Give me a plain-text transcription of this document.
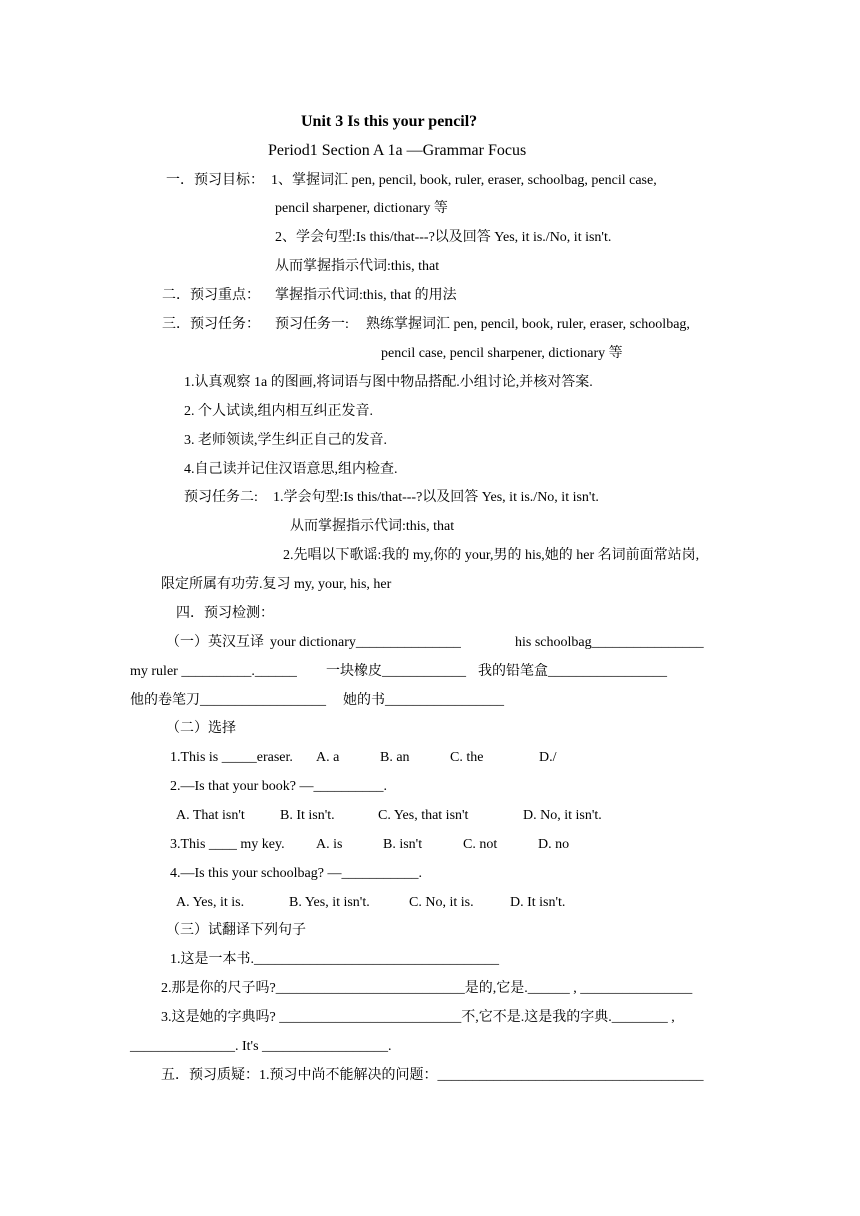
Unit 3 Is this your pencil?
Period1 Section A 1a —Grammar Focus
一．预习目标： 1、掌握词汇 pen, pencil, book, ruler, eraser, schoolbag, pencil case,
pencil sharpener, dictionary 等
2、学会句型:Is this/that---?以及回答 Yes, it is./No, it isn't.
从而掌握指示代词:this, that
二．预习重点： 掌握指示代词:this, that 的用法
三．预习任务： 预习任务一: 熟练掌握词汇 pen, pencil, book, ruler, eraser, schoolbag,
pencil case, pencil sharpener, dictionary 等
1.认真观察 1a 的图画,将词语与图中物品搭配.小组讨论,并核对答案.
2. 个人试读,组内相互纠正发音.
3. 老师领读,学生纠正自己的发音.
4.自己读并记住汉语意思,组内检查.
预习任务二: 1.学会句型:Is this/that---?以及回答 Yes, it is./No, it isn't.
从而掌握指示代词:this, that
2.先唱以下歌谣:我的 my,你的 your,男的 his,她的 her 名词前面常站岗,
限定所属有功劳.复习 my, your, his, her
四．预习检测：
（一）英汉互译 your dictionary_______________	his schoolbag________________
my ruler __________.______ 一块橡皮____________ 我的铅笔盒_________________
他的卷笔刀__________________ 她的书_________________
（二）选择
1.This is _____eraser. A. a	B. an	C. the	D./
2.—Is that your book? —__________.
A. That isn't	B. It isn't.	C. Yes, that isn't	D. No, it isn't.
3.This ____ my key. A. is	B. isn't	C. not	D. no
4.—Is this your schoolbag? —___________.
A. Yes, it is.	B. Yes, it isn't.	C. No, it is.	D. It isn't.
（三）试翻译下列句子
1.这是一本书.___________________________________
2.那是你的尺子吗?___________________________是的,它是.______ , ________________
3.这是她的字典吗? __________________________不,它不是.这是我的字典.________ ,
_______________. It's __________________.
五．预习质疑：1.预习中尚不能解决的问题：______________________________________
